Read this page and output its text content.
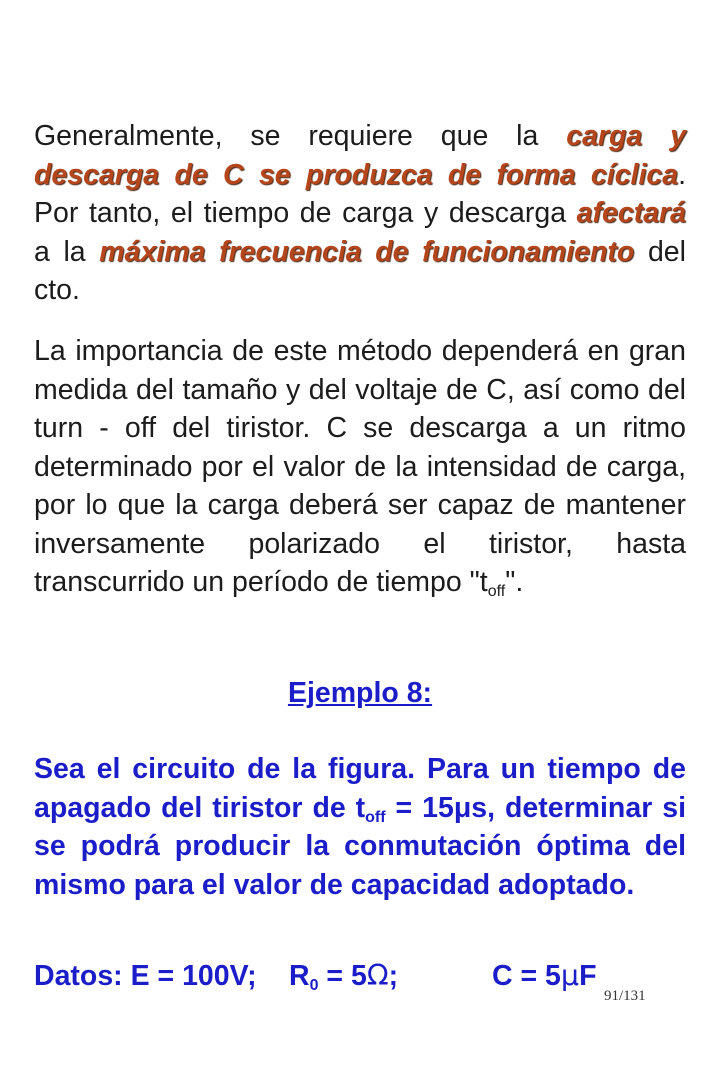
Generalmente, se requiere que la carga y descarga de C se produzca de forma cíclica. Por tanto, el tiempo de carga y descarga afectará a la máxima frecuencia de funcionamiento del cto.

La importancia de este método dependerá en gran medida del tamaño y del voltaje de C, así como del turn - off del tiristor. C se descarga a un ritmo determinado por el valor de la intensidad de carga, por lo que la carga deberá ser capaz de mantener inversamente polarizado el tiristor, hasta transcurrido un período de tiempo "$t_{off}$".

Ejemplo 8:

Sea el circuito de la figura. Para un tiempo de apagado del tiristor de $t_{off} = 15\mu s$, determinar si se podrá producir la conmutación óptima del mismo para el valor de capacidad adoptado.

Datos: E = 100V; $R_0 = 5\Omega$;	C = 5μF

91/131
